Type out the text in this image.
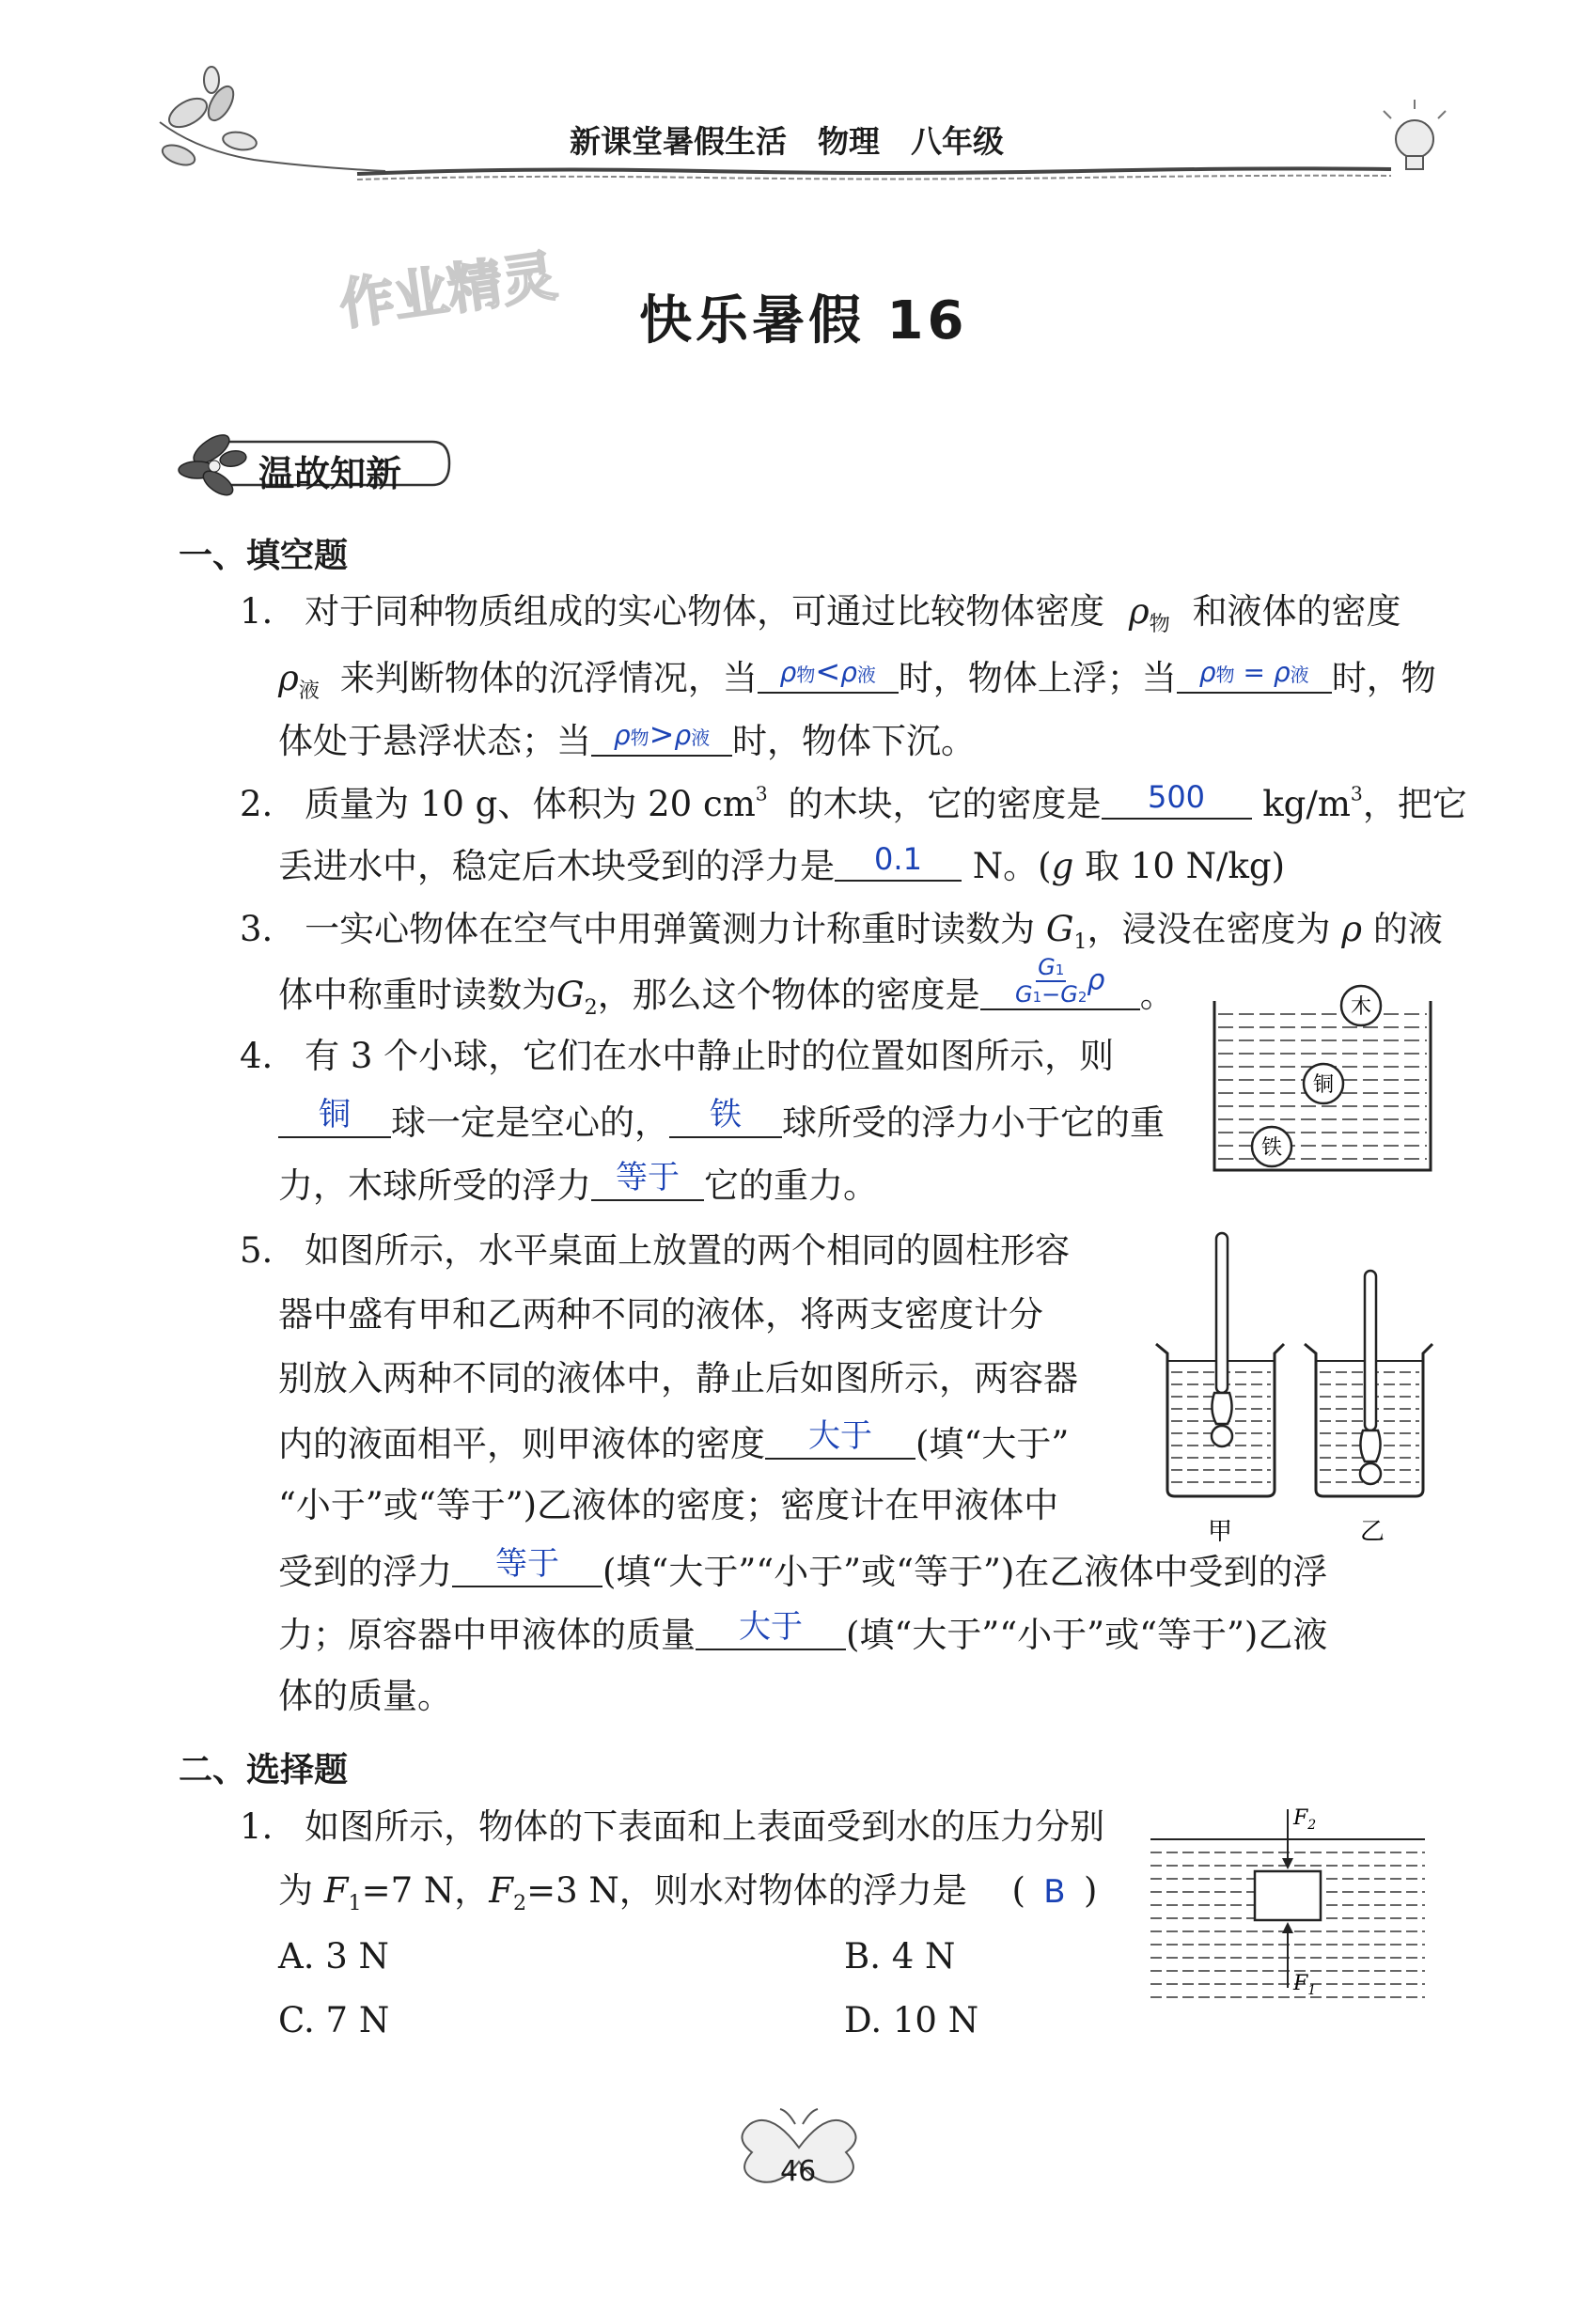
新课堂暑假生活　物理　八年级
作业精灵 快乐暑假 16
温故知新
一、填空题
1. 对于同种物质组成的实心物体，可通过比较物体密度 $\rho_物$ 和液体的密度
$\rho_液$ 来判断物体的沉浮情况，当 ρ物<ρ液 时，物体上浮；当 ρ物 = ρ液 时，物
体处于悬浮状态；当 ρ物>ρ液 时，物体下沉。
2. 质量为 10 g、体积为 20 $cm^3$ 的木块，它的密度是	500	$kg/m^3$，把它
丢进水中，稳定后木块受到的浮力是	0.1	N。(g 取 10 N/kg)
3. 一实心物体在空气中用弹簧测力计称重时读数为 $G_1$，浸没在密度为 ρ 的液
体中称重时读数为$G_2$，那么这个物体的密度是 $\frac{G1}{G1-G2}$ ρ	。	木
铜
铁
4. 有 3 个小球，它们在水中静止时的位置如图所示，则
铜	球一定是空心的，	铁	球所受的浮力小于它的重
力，木球所受的浮力 等于 它的重力。
甲	乙
5. 如图所示，水平桌面上放置的两个相同的圆柱形容
器中盛有甲和乙两种不同的液体，将两支密度计分
别放入两种不同的液体中，静止后如图所示，两容器
内的液面相平，则甲液体的密度	大于	(填“大于”
“小于”或“等于”)乙液体的密度；密度计在甲液体中
受到的浮力	等于	(填“大于”“小于”或“等于”)在乙液体中受到的浮
力；原容器中甲液体的质量	大于	(填“大于”“小于”或“等于”)乙液
体的质量。
二、选择题
$F_2$
$F_1$
1. 如图所示，物体的下表面和上表面受到水的压力分别
为 $F_1=7$ N，$F_2=3$ N，则水对物体的浮力是 ( B )
A. 3 N	B. 4 N
C. 7 N	D. 10 N
46
